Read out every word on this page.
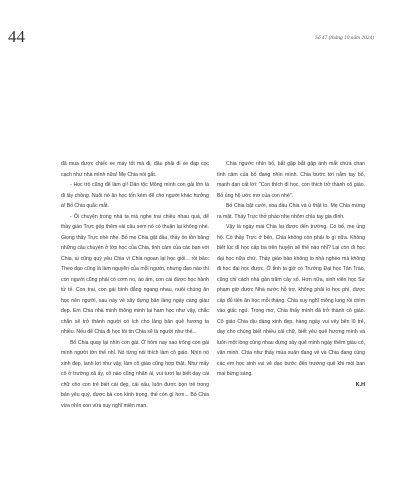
44	Số 47 (tháng 10 năm 2024)

đã mua được chiếc xe máy tốt mà đi, đâu phải đi xe đạp cọc cạch như nhà mình nữa! Mẹ Chia nói gắt.

- Học trò cũng để làm gì! Dân tộc Mông mình con gái lớn là đi lấy chồng. Nuôi nó ăn học tốn kém để cho người khác hưởng à! Bố Chia quắc mắt.

- Ôi chuyện trong nhà ta mà nghe trai chiều nhau quá, để thầy giáo Trực góp thêm vài câu xem nó có thuận lại không nhé. Giọng thầy Trực nhè nhẹ. Bố mẹ Chia gật đầu, thầy ôn tồn bảng những câu chuyện ở lớp học của Chia, tình cảm của các bạn với Chia, ai cũng quý yêu Chia vì Chia ngoan lại học giỏi... rồi bảo: Theo đạo cũng là làm nguyên của mỗi người, nhưng đạo nào thì con người cũng phải có cơm no, áo ấm, con cái được học hành tử tế. Con trai, con gái bình đẳng ngang nhau, nuôi chúng ăn học nên người, sau này về xây dựng bản làng ngày càng giàu đẹp. Em Chia nhà mình thông minh lại ham học như vậy, chắc chắn sẽ trở thành người có ích cho làng bản quê hương ta nhiều. Nếu để Chia đi học tôi tin Chia sẽ là người như thế...

Bố Chia quay lại nhìn con gái. Ở hôm nay sao trông con gái mình người lớn thế nhỉ. Nó từng nói thích làm cô giáo. Nhìn nó xinh đẹp, lanh lợi như vậy, làm cô giáo cũng hợp thật. Như mấy cô ở trường xã ấy, cô nào cũng nhân ái, vui tươi lại biết dạy cái chữ cho con trẻ biết cái đẹp, cái xấu, luôn được bọn trẻ trong bản yêu quý, được bà con kính trọng, thế còn gì hơn... Bố Chia vừa nhìn con vừa suy nghĩ miên man.

Chia ngước nhìn bố, bắt gặp bắt gặp ánh mắt chứa chan tình cảm của bố đang nhìn mình. Chia bước tới nắm tay bố, mạnh dạn cất lời: "Con thích đi học, con thích trở thành cô giáo. Bố ủng hộ ước mơ của con nhé".

Bố Chia bật cười, xoa đầu Chia và ủ thật to. Mẹ Chia mừng ra mặt. Thầy Trực thở phào nhẹ nhõm chìa tay gia đình.

Vậy là ngày mai Chia lại được đến trường. Có bố, mẹ ủng hộ. Có thầy Trực ở bên, Chia không còn phải lo gì nữa. Không biết lúc đi học cấp ba trên huyện sẽ thế nào nhỉ? Lại còn đi học đại học nữa chứ. Thầy giáo bảo không lo nhà nghèo mà không đi học đại học được. Ở tỉnh ta giờ có Trường Đại học Tân Trào, cũng chỉ cách nhà gần trăm cây số. Hơn nữa, sinh viên học Sư phạm giờ được Nhà nước hỗ trợ, không phải lo học phí, được cấp đủ tiền ăn học mỗi tháng. Chia suy nghĩ mông lung rồi chìm vào giấc ngủ. Trong mơ, Chia thấy mình đã trở thành cô giáo. Cô giáo Chia dịu dàng xinh đẹp, hàng ngày vui vẻy bên lũ trẻ, dạy cho chúng biết nhiều cái chữ, biết yêu quê hương mình và luôn một lòng cùng nhau dựng xây quê mình ngày thêm giàu có, văn minh. Chia như thấy mùa xuân đang về và Chia đang cùng các em học sinh vui vẻ dạo bước đến trường quê khi mồi ban mai bừng sáng.

K.H
